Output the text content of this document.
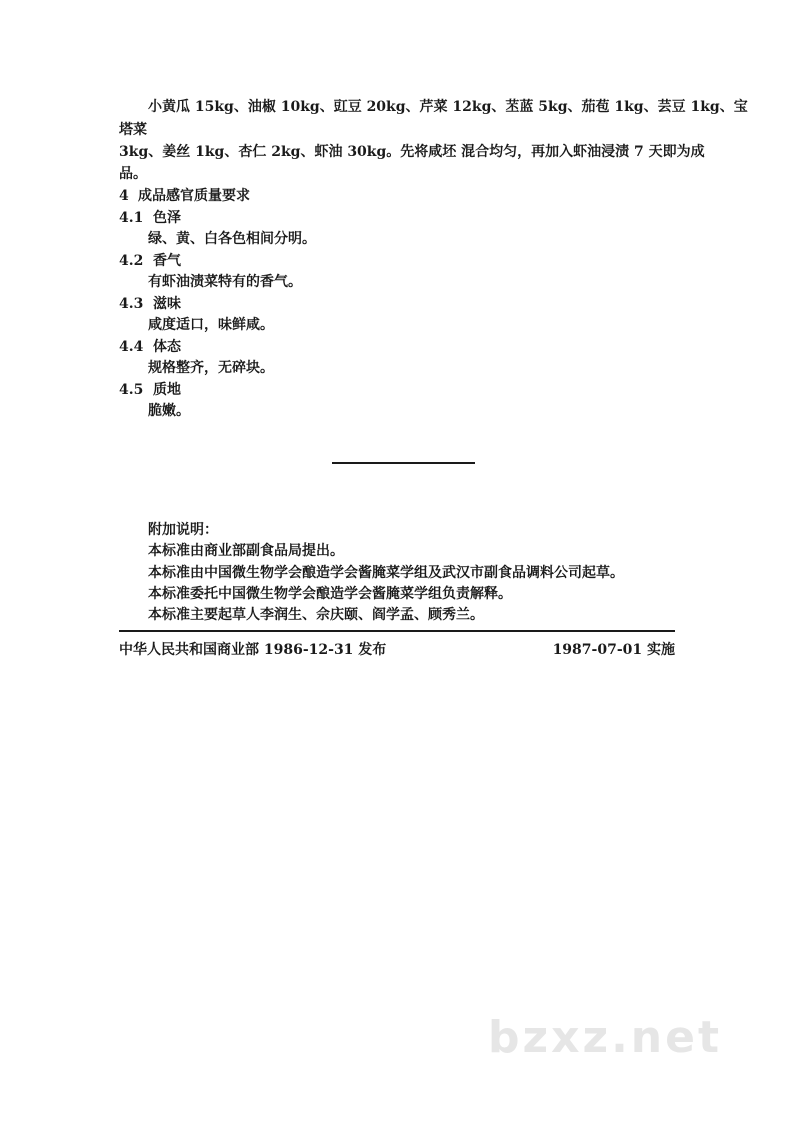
小黄瓜 15kg、油椒 10kg、豇豆 20kg、芹菜 12kg、苤蓝 5kg、茄苞 1kg、芸豆 1kg、宝
塔菜
3kg、姜丝 1kg、杏仁 2kg、虾油 30kg。先将咸坯 混合均匀，再加入虾油浸渍 7 天即为成
品。
4 成品感官质量要求
4.1 色泽
绿、黄、白各色相间分明。
4.2 香气
有虾油渍菜特有的香气。
4.3 滋味
咸度适口，味鲜咸。
4.4 体态
规格整齐，无碎块。
4.5 质地
脆嫩。
附加说明：
本标准由商业部副食品局提出。
本标准由中国微生物学会酿造学会酱腌菜学组及武汉市副食品调料公司起草。
本标准委托中国微生物学会酿造学会酱腌菜学组负责解释。
本标准主要起草人李润生、佘庆颐、阎学孟、顾秀兰。
中华人民共和国商业部 1986-12-31 发布	1987-07-01 实施
bzxz.net
